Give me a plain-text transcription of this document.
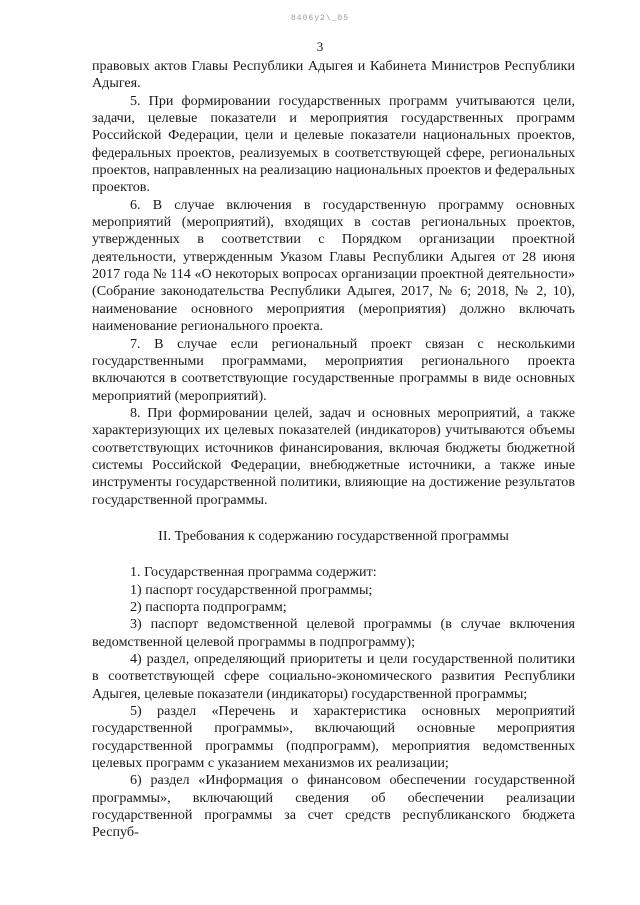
8406у2\_05
3

правовых актов Главы Республики Адыгея и Кабинета Министров Республики Адыгея.

5. При формировании государственных программ учитываются цели, задачи, целевые показатели и мероприятия государственных программ Российской Федерации, цели и целевые показатели национальных проектов, федеральных проектов, реализуемых в соответствующей сфере, региональных проектов, направленных на реализацию национальных проектов и федеральных проектов.

6. В случае включения в государственную программу основных мероприятий (мероприятий), входящих в состав региональных проектов, утвержденных в соответствии с Порядком организации проектной деятельности, утвержденным Указом Главы Республики Адыгея от 28 июня 2017 года № 114 «О некоторых вопросах организации проектной деятельности» (Собрание законодательства Республики Адыгея, 2017, № 6; 2018, № 2, 10), наименование основного мероприятия (мероприятия) должно включать наименование регионального проекта.

7. В случае если региональный проект связан с несколькими государственными программами, мероприятия регионального проекта включаются в соответствующие государственные программы в виде основных мероприятий (мероприятий).

8. При формировании целей, задач и основных мероприятий, а также характеризующих их целевых показателей (индикаторов) учитываются объемы соответствующих источников финансирования, включая бюджеты бюджетной системы Российской Федерации, внебюджетные источники, а также иные инструменты государственной политики, влияющие на достижение результатов государственной программы.

II. Требования к содержанию государственной программы

1. Государственная программа содержит:

1) паспорт государственной программы;

2) паспорта подпрограмм;

3) паспорт ведомственной целевой программы (в случае включения ведомственной целевой программы в подпрограмму);

4) раздел, определяющий приоритеты и цели государственной политики в соответствующей сфере социально-экономического развития Республики Адыгея, целевые показатели (индикаторы) государственной программы;

5) раздел «Перечень и характеристика основных мероприятий государственной программы», включающий основные мероприятия государственной программы (подпрограмм), мероприятия ведомственных целевых программ с указанием механизмов их реализации;

6) раздел «Информация о финансовом обеспечении государственной программы», включающий сведения об обеспечении реализации государственной программы за счет средств республиканского бюджета Респуб-
